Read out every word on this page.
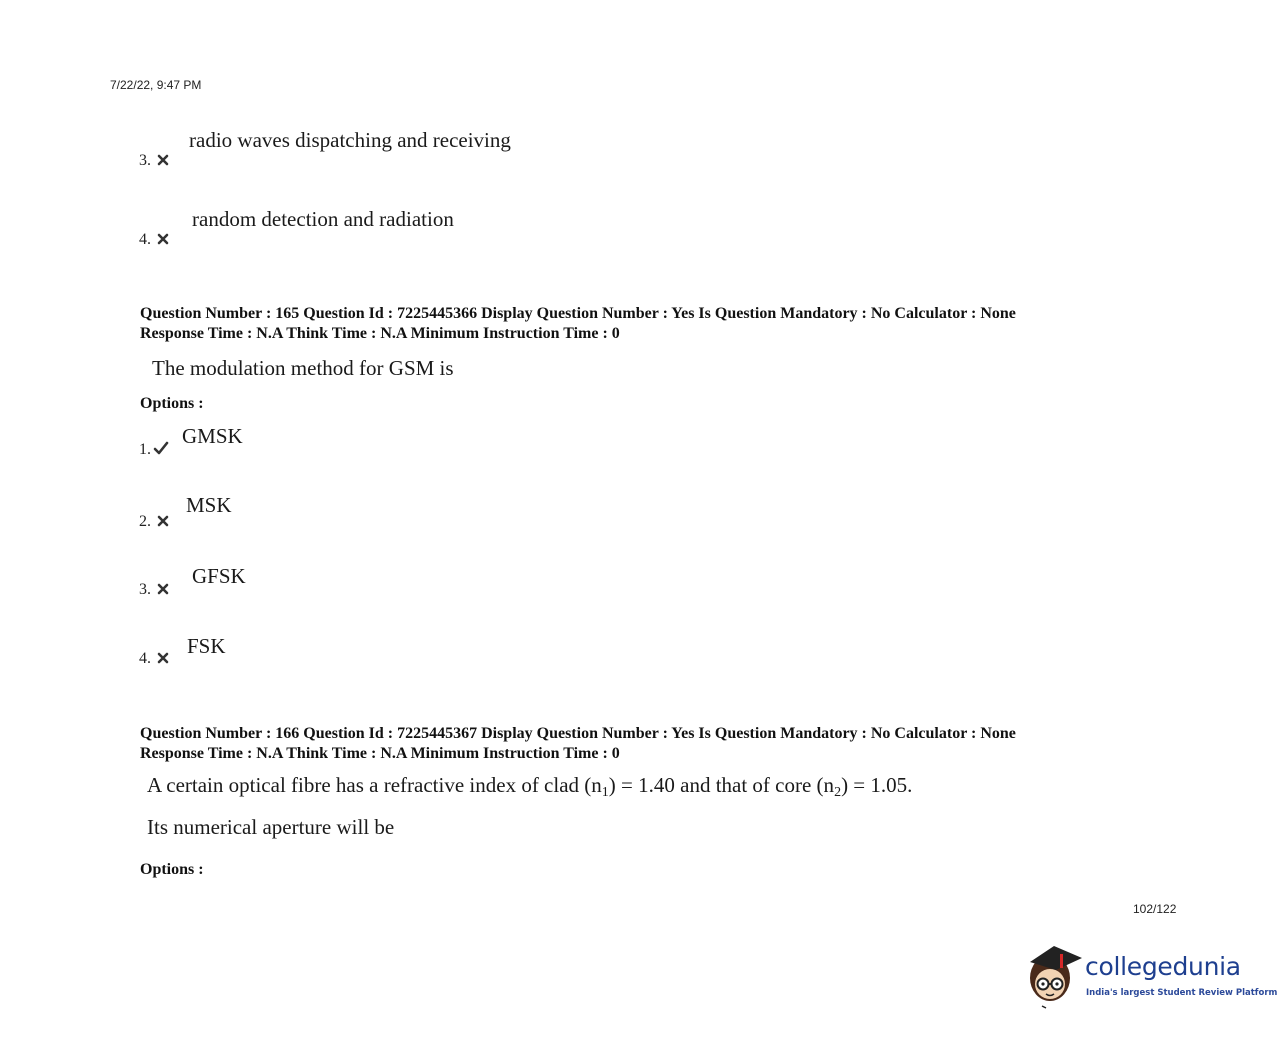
7/22/22, 9:47 PM
3.
radio waves dispatching and receiving
4.
random detection and radiation
Question Number : 165 Question Id : 7225445366 Display Question Number : Yes Is Question Mandatory : No Calculator : None
Response Time : N.A Think Time : N.A Minimum Instruction Time : 0
The modulation method for GSM is
Options :
1.
GMSK
2.
MSK
3.
GFSK
4.
FSK
Question Number : 166 Question Id : 7225445367 Display Question Number : Yes Is Question Mandatory : No Calculator : None
Response Time : N.A Think Time : N.A Minimum Instruction Time : 0
A certain optical fibre has a refractive index of clad $(n_1) = 1.40$ and that of core $(n_2) = 1.05$.
Its numerical aperture will be
Options :
102/122
collegedunia
India's largest Student Review Platform
